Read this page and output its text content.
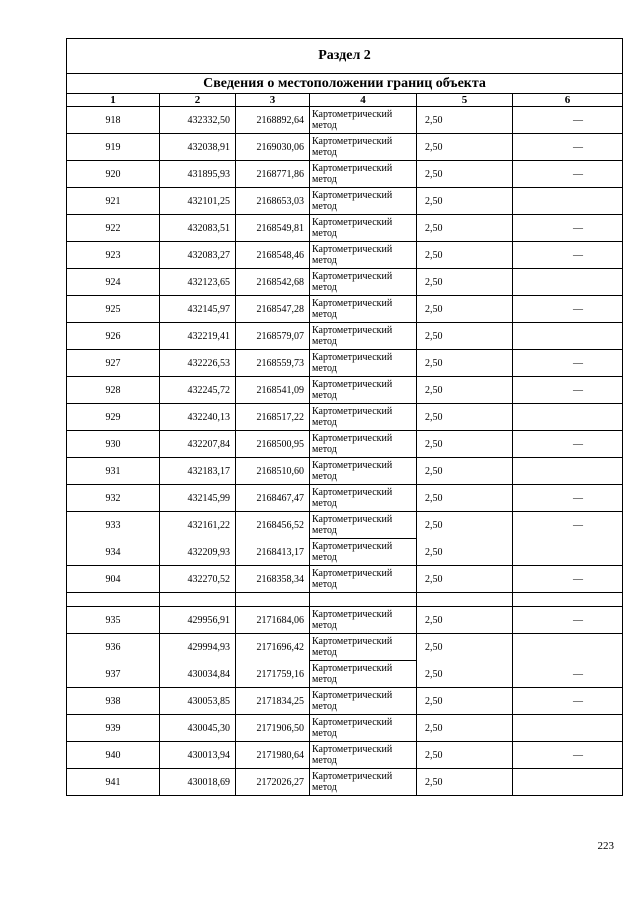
Раздел 2					
Сведения о местоположении границ объекта					
1	2	3	4	5	6
918	432332,50	2168892,64	Картометрический метод	2,50	—
919	432038,91	2169030,06	Картометрический метод	2,50	—
920	431895,93	2168771,86	Картометрический метод	2,50	—
921	432101,25	2168653,03	Картометрический метод	2,50	
922	432083,51	2168549,81	Картометрический метод	2,50	—
923	432083,27	2168548,46	Картометрический метод	2,50	—
924	432123,65	2168542,68	Картометрический метод	2,50	
925	432145,97	2168547,28	Картометрический метод	2,50	—
926	432219,41	2168579,07	Картометрический метод	2,50	
927	432226,53	2168559,73	Картометрический метод	2,50	—
928	432245,72	2168541,09	Картометрический метод	2,50	—
929	432240,13	2168517,22	Картометрический метод	2,50	
930	432207,84	2168500,95	Картометрический метод	2,50	—
931	432183,17	2168510,60	Картометрический метод	2,50	
932	432145,99	2168467,47	Картометрический метод	2,50	—
933	432161,22	2168456,52	Картометрический метод	2,50	—
934	432209,93	2168413,17	Картометрический метод	2,50	
904	432270,52	2168358,34	Картометрический метод	2,50	—

935	429956,91	2171684,06	Картометрический метод	2,50	—
936	429994,93	2171696,42	Картометрический метод	2,50	
937	430034,84	2171759,16	Картометрический метод	2,50	—
938	430053,85	2171834,25	Картометрический метод	2,50	—
939	430045,30	2171906,50	Картометрический метод	2,50	
940	430013,94	2171980,64	Картометрический метод	2,50	—
941	430018,69	2172026,27	Картометрический метод	2,50	
223
